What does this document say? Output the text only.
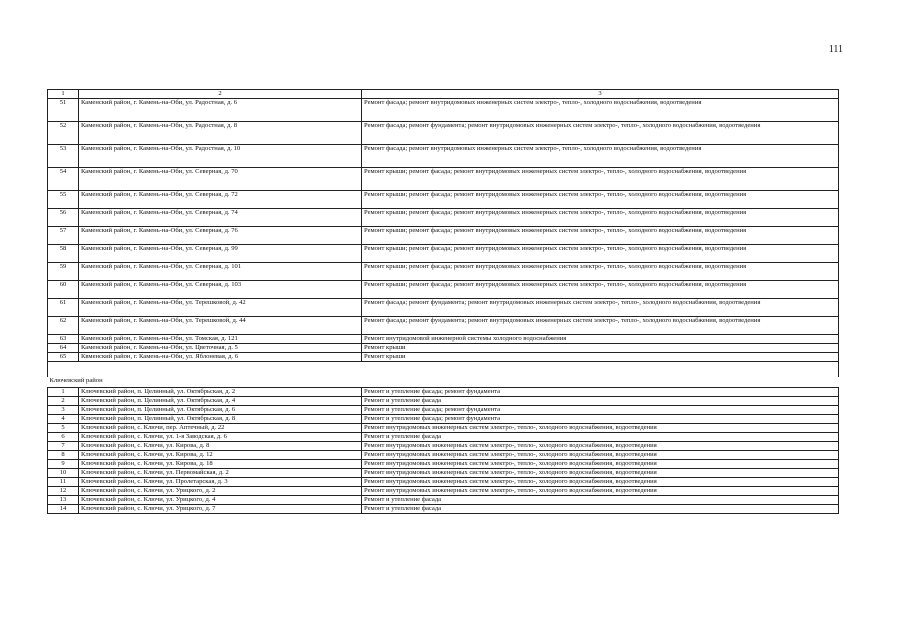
111
1	2	3
51	Каменский район, г. Камень-на-Оби, ул. Радостная, д. 6	Ремонт фасада; ремонт внутридомовых инженерных систем электро-, тепло-, холодного водоснабжения, водоотведения
52	Каменский район, г. Камень-на-Оби, ул. Радостная, д. 8	Ремонт фасада; ремонт фундамента; ремонт внутридомовых инженерных систем электро-, тепло-, холодного водоснабжения, водоотведения
53	Каменский район, г. Камень-на-Оби, ул. Радостная, д. 10	Ремонт фасада; ремонт внутридомовых инженерных систем электро-, тепло-, холодного водоснабжения, водоотведения
54	Каменский район, г. Камень-на-Оби, ул. Северная, д. 70	Ремонт крыши; ремонт фасада; ремонт внутридомовых инженерных систем электро-, тепло-, холодного водоснабжения, водоотведения
55	Каменский район, г. Камень-на-Оби, ул. Северная, д. 72	Ремонт крыши; ремонт фасада; ремонт внутридомовых инженерных систем электро-, тепло-, холодного водоснабжения, водоотведения
56	Каменский район, г. Камень-на-Оби, ул. Северная, д. 74	Ремонт крыши; ремонт фасада; ремонт внутридомовых инженерных систем электро-, тепло-, холодного водоснабжения, водоотведения
57	Каменский район, г. Камень-на-Оби, ул. Северная, д. 76	Ремонт крыши; ремонт фасада; ремонт внутридомовых инженерных систем электро-, тепло-, холодного водоснабжения, водоотведения
58	Каменский район, г. Камень-на-Оби, ул. Северная, д. 99	Ремонт крыши; ремонт фасада; ремонт внутридомовых инженерных систем электро-, тепло-, холодного водоснабжения, водоотведения
59	Каменский район, г. Камень-на-Оби, ул. Северная, д. 101	Ремонт крыши; ремонт фасада; ремонт внутридомовых инженерных систем электро-, тепло-, холодного водоснабжения, водоотведения
60	Каменский район, г. Камень-на-Оби, ул. Северная, д. 103	Ремонт крыши; ремонт фасада; ремонт внутридомовых инженерных систем электро-, тепло-, холодного водоснабжения, водоотведения
61	Каменский район, г. Камень-на-Оби, ул. Терешковой, д. 42	Ремонт фасада; ремонт фундамента; ремонт внутридомовых инженерных систем электро-, тепло-, холодного водоснабжения, водоотведения
62	Каменский район, г. Камень-на-Оби, ул. Терешковой, д. 44	Ремонт фасада; ремонт фундамента; ремонт внутридомовых инженерных систем электро-, тепло-, холодного водоснабжения, водоотведения
63	Каменский район, г. Камень-на-Оби, ул. Томская, д. 121	Ремонт внутридомовой инженерной системы холодного водоснабжения
64	Каменский район, г. Камень-на-Оби, ул. Цветочная, д. 5	Ремонт крыши
65	Квменский район, г. Камень-на-Оби, ул. Яблоневая, д. 6	Ремонт крыши

Ключевский район		
1	Ключевский район, п. Целинный, ул. Октябрьская, д. 2	Ремонт и утепление фасада; ремонт фундамента
2	Ключевский район, п. Целинный, ул. Октябрьская, д. 4	Ремонт и утепление фасада
3	Ключевский район, п. Целинный, ул. Октябрьская, д. 6	Ремонт и утепление фасада; ремонт фундамента
4	Ключевский район, п. Целинный, ул. Октябрьская, д. 8	Ремонт и утепление фасада; ремонт фундамента
5	Ключевский район, с. Ключи, пер. Аптечный, д. 22	Ремонт внутридомовых инженерных систем электро-, тепло-, холодного водоснабжения, водоотведения
6	Ключевский район, с. Ключи, ул. 1-я Заводская, д. 6	Ремонт и утепление фасада
7	Ключевский район, с. Ключи, ул. Кирова, д. 8	Ремонт внутридомовых инженерных систем электро-, тепло-, холодного водоснабжения, водоотведения
8	Ключевский район, с. Ключи, ул. Кирова, д. 12	Ремонт внутридомовых инженерных систем электро-, тепло-, холодного водоснабжения, водоотведения
9	Ключевский район, с. Ключи, ул. Кирова, д. 18	Ремонт внутридомовых инженерных систем электро-, тепло-, холодного водоснабжения, водоотведения
10	Ключевский район, с. Ключи, ул. Первомайская, д. 2	Ремонт внутридомовых инженерных систем электро-, тепло-, холодного водоснабжения, водоотведения
11	Ключевский район, с. Ключи, ул. Пролетарская, д. 3	Ремонт внутридомовых инженерных систем электро-, тепло-, холодного водоснабжения, водоотведения
12	Ключевский район, с. Ключи, ул. Урицкого, д. 2	Ремонт внутридомовых инженерных систем электро-, тепло-, холодного водоснабжения, водоотведения
13	Ключевский район, с. Ключи, ул. Урицкого, д. 4	Ремонт и утепление фасада
14	Ключевский район, с. Ключи, ул. Урицкого, д. 7	Ремонт и утепление фасада
